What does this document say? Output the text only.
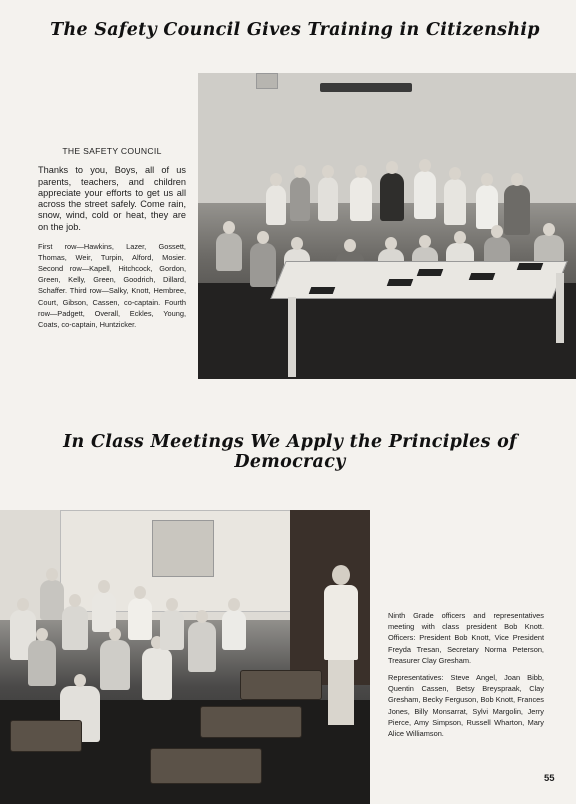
The Safety Council Gives Training in Citizenship
THE SAFETY COUNCIL
Thanks to you, Boys, all of us parents, teachers, and children appreciate your efforts to get us all across the street safely. Come rain, snow, wind, cold or heat, they are on the job.
First row—Hawkins, Lazer, Gossett, Thomas, Weir, Turpin, Alford, Mosier. Second row—Kapell, Hitchcock, Gordon, Green, Kelly, Green, Goodrich, Dillard, Schaffer. Third row—Salky, Knott, Hembree, Court, Gibson, Cassen, co-captain. Fourth row—Padgett, Overall, Eckles, Young, Coats, co-captain, Huntzicker.
In Class Meetings We Apply the Principles of Democracy

Ninth Grade officers and representatives meeting with class president Bob Knott. Officers: President Bob Knott, Vice President Freyda Tresan, Secretary Norma Peterson, Treasurer Clay Gresham.

Representatives: Steve Angel, Joan Bibb, Quentin Cassen, Betsy Breyspraak, Clay Gresham, Becky Ferguson, Bob Knott, Frances Jones, Billy Monsarrat, Sylvi Margolin, Jerry Pierce, Amy Simpson, Russell Wharton, Mary Alice Williamson.

55
